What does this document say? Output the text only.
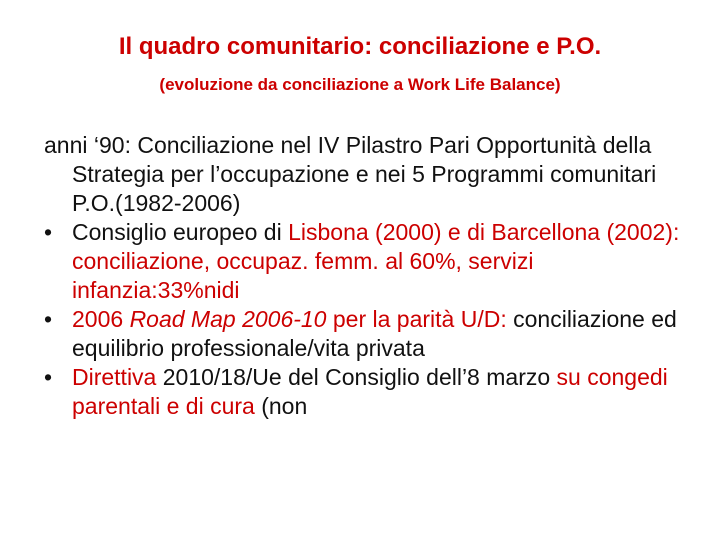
Il quadro comunitario: conciliazione e P.O.
(evoluzione da conciliazione a Work Life Balance)
anni ‘90: Conciliazione nel IV Pilastro Pari Opportunità della Strategia per l’occupazione e nei 5 Programmi comunitari P.O.(1982-2006)
• Consiglio europeo di Lisbona (2000) e di Barcellona (2002): conciliazione, occupaz. femm. al 60%, servizi infanzia:33%nidi
• 2006 Road Map 2006-10 per la parità U/D: conciliazione ed equilibrio professionale/vita privata
• Direttiva 2010/18/Ue del Consiglio dell’8 marzo su congedi parentali e di cura (non
